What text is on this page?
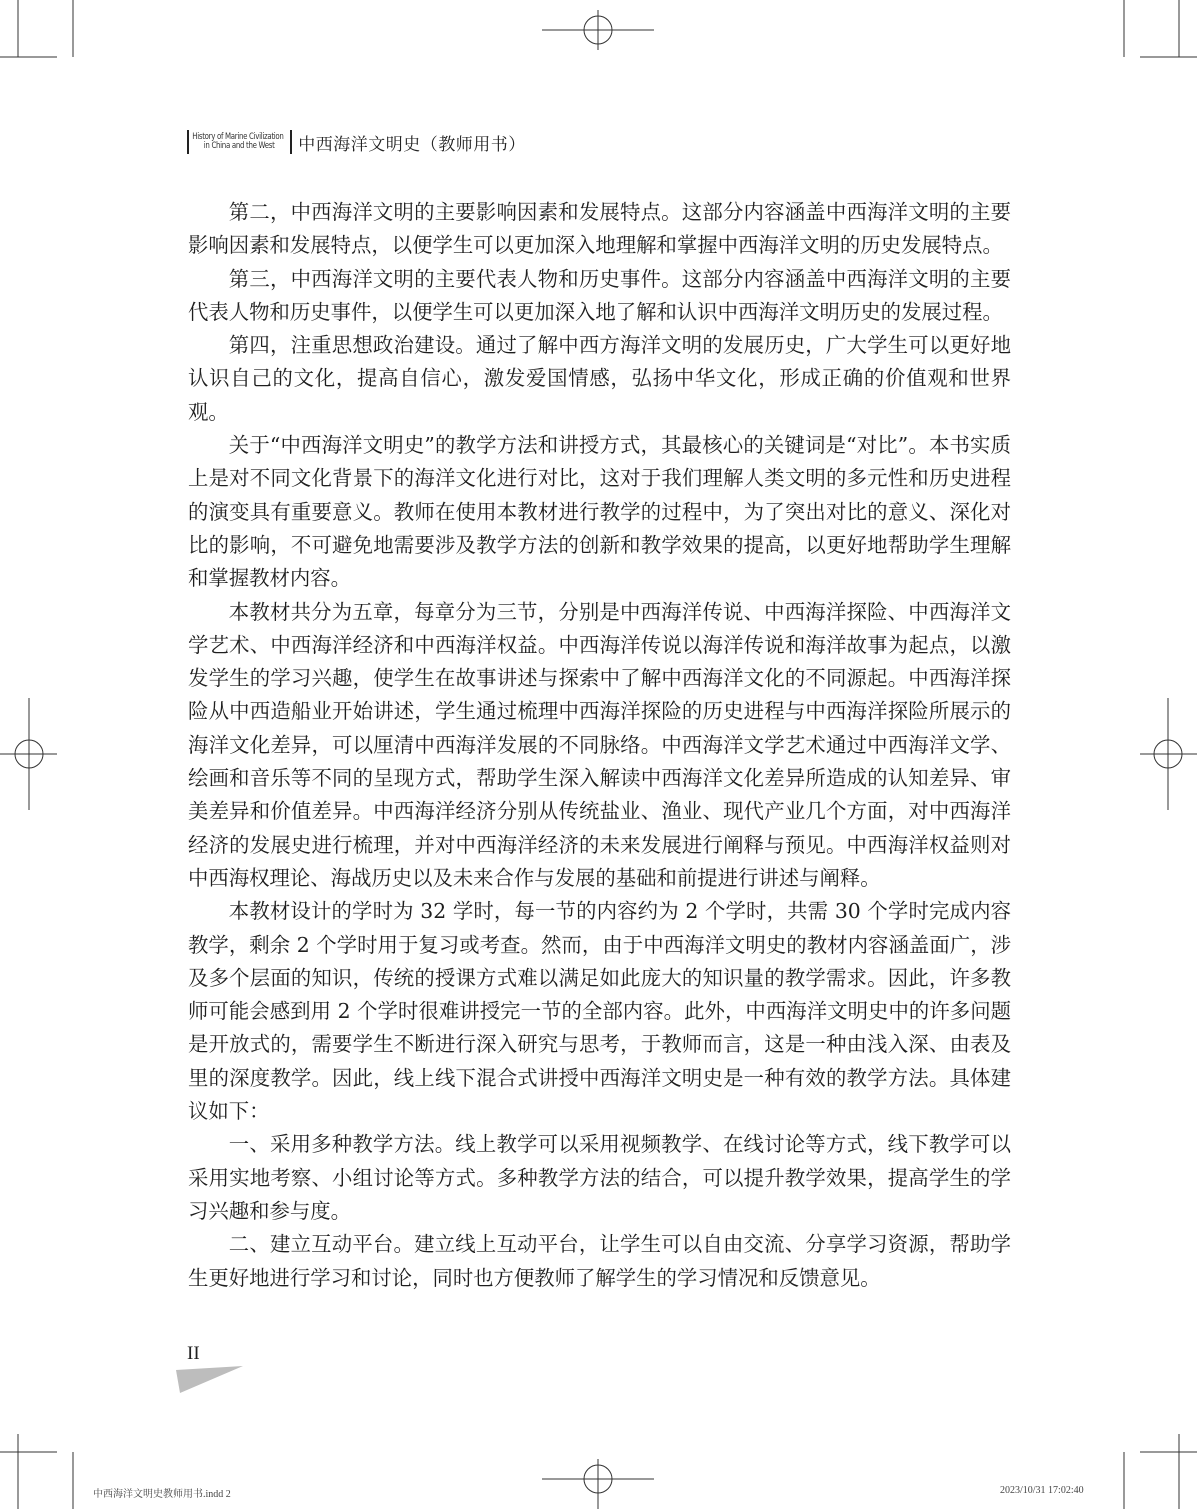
History of Marine Civilization
in China and the West	中西海洋文明史（教师用书）

第二，中西海洋文明的主要影响因素和发展特点。这部分内容涵盖中西海洋文明的主要影响因素和发展特点，以便学生可以更加深入地理解和掌握中西海洋文明的历史发展特点。

第三，中西海洋文明的主要代表人物和历史事件。这部分内容涵盖中西海洋文明的主要代表人物和历史事件，以便学生可以更加深入地了解和认识中西海洋文明历史的发展过程。

第四，注重思想政治建设。通过了解中西方海洋文明的发展历史，广大学生可以更好地认识自己的文化，提高自信心，激发爱国情感，弘扬中华文化，形成正确的价值观和世界观。

关于“中西海洋文明史”的教学方法和讲授方式，其最核心的关键词是“对比”。本书实质上是对不同文化背景下的海洋文化进行对比，这对于我们理解人类文明的多元性和历史进程的演变具有重要意义。教师在使用本教材进行教学的过程中，为了突出对比的意义、深化对比的影响，不可避免地需要涉及教学方法的创新和教学效果的提高，以更好地帮助学生理解和掌握教材内容。

本教材共分为五章，每章分为三节，分别是中西海洋传说、中西海洋探险、中西海洋文学艺术、中西海洋经济和中西海洋权益。中西海洋传说以海洋传说和海洋故事为起点，以激发学生的学习兴趣，使学生在故事讲述与探索中了解中西海洋文化的不同源起。中西海洋探险从中西造船业开始讲述，学生通过梳理中西海洋探险的历史进程与中西海洋探险所展示的海洋文化差异，可以厘清中西海洋发展的不同脉络。中西海洋文学艺术通过中西海洋文学、绘画和音乐等不同的呈现方式，帮助学生深入解读中西海洋文化差异所造成的认知差异、审美差异和价值差异。中西海洋经济分别从传统盐业、渔业、现代产业几个方面，对中西海洋经济的发展史进行梳理，并对中西海洋经济的未来发展进行阐释与预见。中西海洋权益则对中西海权理论、海战历史以及未来合作与发展的基础和前提进行讲述与阐释。

本教材设计的学时为 32 学时，每一节的内容约为 2 个学时，共需 30 个学时完成内容教学，剩余 2 个学时用于复习或考查。然而，由于中西海洋文明史的教材内容涵盖面广，涉及多个层面的知识，传统的授课方式难以满足如此庞大的知识量的教学需求。因此，许多教师可能会感到用 2 个学时很难讲授完一节的全部内容。此外，中西海洋文明史中的许多问题是开放式的，需要学生不断进行深入研究与思考，于教师而言，这是一种由浅入深、由表及里的深度教学。因此，线上线下混合式讲授中西海洋文明史是一种有效的教学方法。具体建议如下：

一、采用多种教学方法。线上教学可以采用视频教学、在线讨论等方式，线下教学可以采用实地考察、小组讨论等方式。多种教学方法的结合，可以提升教学效果，提高学生的学习兴趣和参与度。

二、建立互动平台。建立线上互动平台，让学生可以自由交流、分享学习资源，帮助学生更好地进行学习和讨论，同时也方便教师了解学生的学习情况和反馈意见。

II
中西海洋文明史教师用书.indd 2	2023/10/31 17:02:40
